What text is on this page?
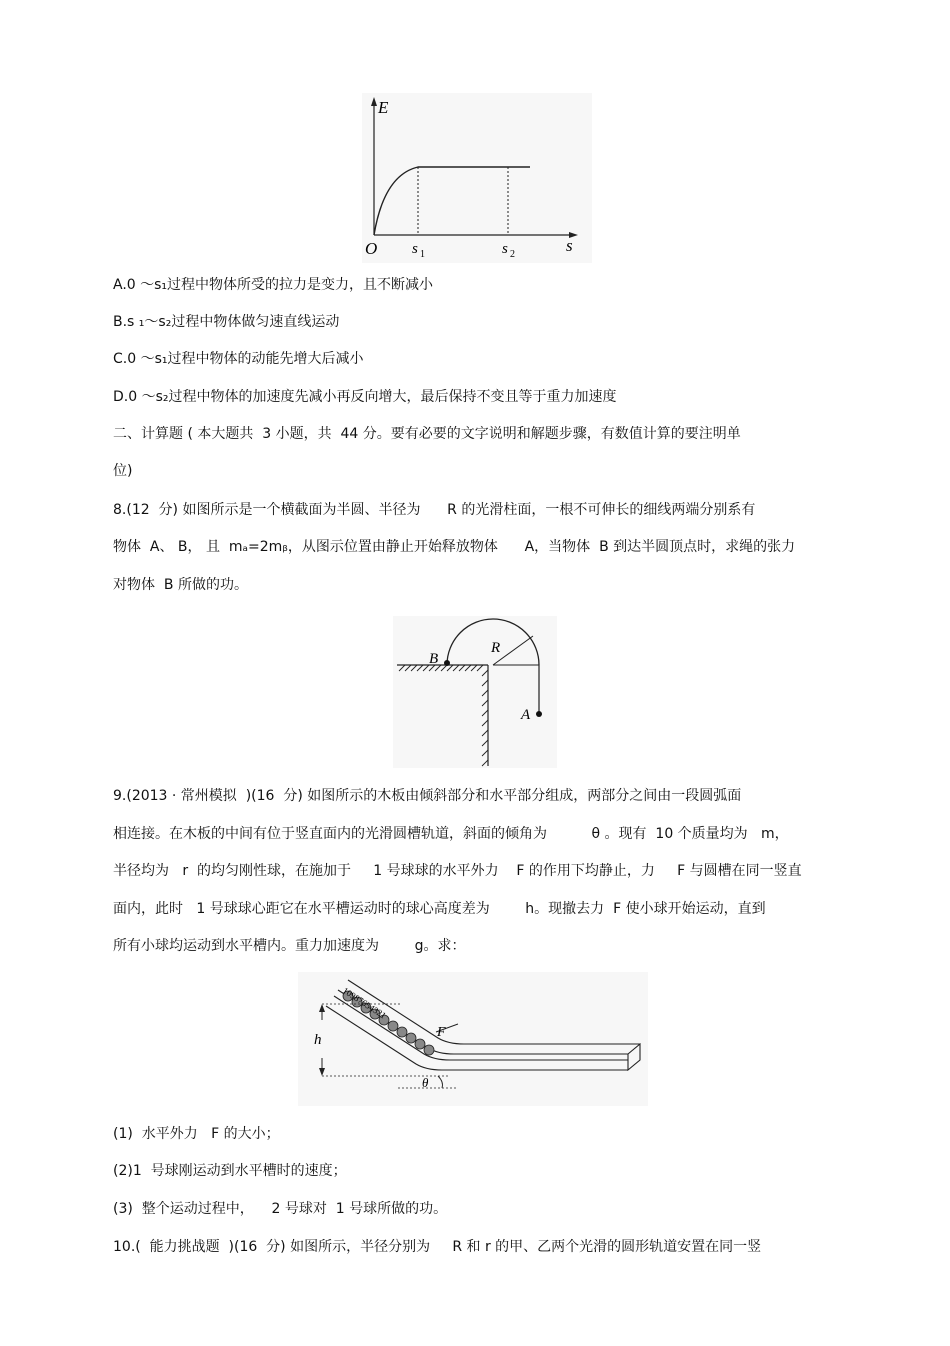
E
O s 1	s 2	s
A.0 ～s₁过程中物体所受的拉力是变力，且不断减小
B.s ₁～s₂过程中物体做匀速直线运动
C.0 ～s₁过程中物体的动能先增大后减小
D.0 ～s₂过程中物体的加速度先减小再反向增大，最后保持不变且等于重力加速度
二、计算题 ( 本大题共  3 小题，共  44 分。要有必要的文字说明和解题步骤，有数值计算的要注明单
位)
8.(12  分) 如图所示是一个横截面为半圆、半径为      R 的光滑柱面，一根不可伸长的细线两端分别系有
物体  A、 B， 且  mₐ=2mᵦ，从图示位置由静止开始释放物体      A，当物体  B 到达半圆顶点时，求绳的张力
对物体  B 所做的功。
B
R
A
9.(2013 · 常州模拟  )(16  分) 如图所示的木板由倾斜部分和水平部分组成，两部分之间由一段圆弧面
相连接。在木板的中间有位于竖直面内的光滑圆槽轨道，斜面的倾角为          θ 。现有  10 个质量均为   m，
半径均为   r  的均匀刚性球，在施加于     1 号球球的水平外力    F 的作用下均静止，力     F 与圆槽在同一竖直
面内，此时   1 号球球心距它在水平槽运动时的球心高度差为        h。现撤去力  F 使小球开始运动，直到
所有小球均运动到水平槽内。重力加速度为        g。求：
10987654321
F
h
θ
(1)  水平外力   F 的大小；
(2)1  号球刚运动到水平槽时的速度；
(3)  整个运动过程中，    2 号球对  1 号球所做的功。
10.(  能力挑战题  )(16  分) 如图所示，半径分别为     R 和 r 的甲、乙两个光滑的圆形轨道安置在同一竖
